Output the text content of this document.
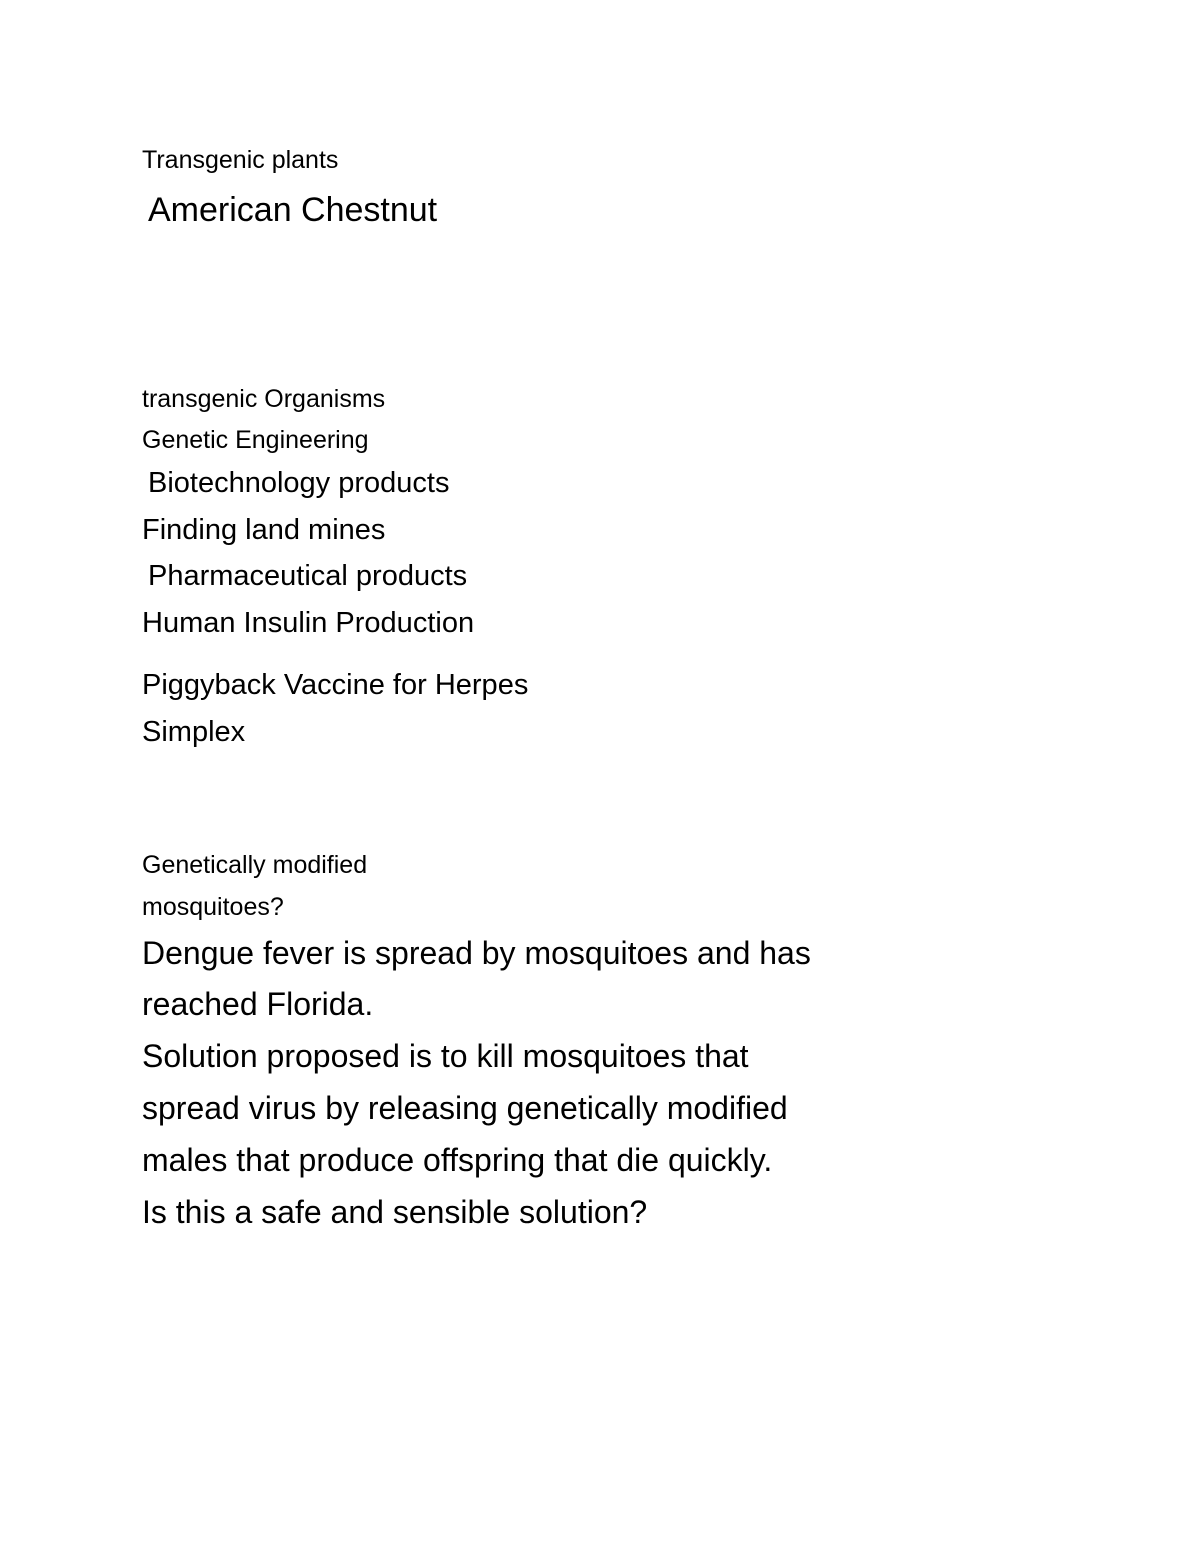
Transgenic plants
American Chestnut
transgenic Organisms
Genetic Engineering
Biotechnology products
Finding land mines
Pharmaceutical products
Human Insulin Production
Piggyback Vaccine for Herpes
Simplex
Genetically modified
mosquitoes?
Dengue fever is spread by mosquitoes and has
reached Florida.
Solution proposed is to kill mosquitoes that
spread virus by releasing genetically modified
males that produce offspring that die quickly.
Is this a safe and sensible solution?
